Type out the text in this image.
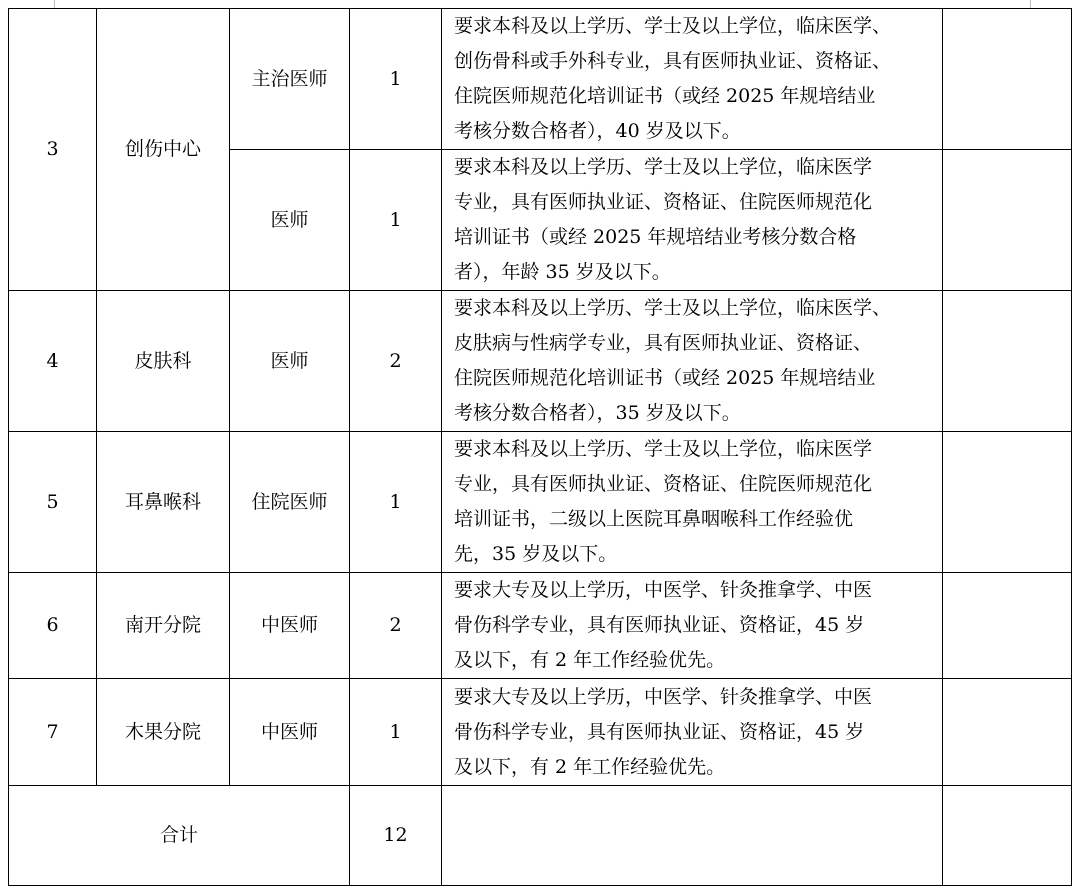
3	创伤中心	主治医师	1	要求本科及以上学历、学士及以上学位，临床医学、
创伤骨科或手外科专业，具有医师执业证、资格证、
住院医师规范化培训证书（或经 2025 年规培结业
考核分数合格者），40 岁及以下。	

		医师	1	要求本科及以上学历、学士及以上学位，临床医学
专业，具有医师执业证、资格证、住院医师规范化
培训证书（或经 2025 年规培结业考核分数合格
者），年龄 35 岁及以下。	

4	皮肤科	医师	2	要求本科及以上学历、学士及以上学位，临床医学、
皮肤病与性病学专业，具有医师执业证、资格证、
住院医师规范化培训证书（或经 2025 年规培结业
考核分数合格者），35 岁及以下。	

5	耳鼻喉科	住院医师	1	要求本科及以上学历、学士及以上学位，临床医学
专业，具有医师执业证、资格证、住院医师规范化
培训证书，二级以上医院耳鼻咽喉科工作经验优
先，35 岁及以下。	

6	南开分院	中医师	2	要求大专及以上学历，中医学、针灸推拿学、中医
骨伤科学专业，具有医师执业证、资格证，45 岁
及以下，有 2 年工作经验优先。	

7	木果分院	中医师	1	要求大专及以上学历，中医学、针灸推拿学、中医
骨伤科学专业，具有医师执业证、资格证，45 岁
及以下，有 2 年工作经验优先。	

合计			12		
